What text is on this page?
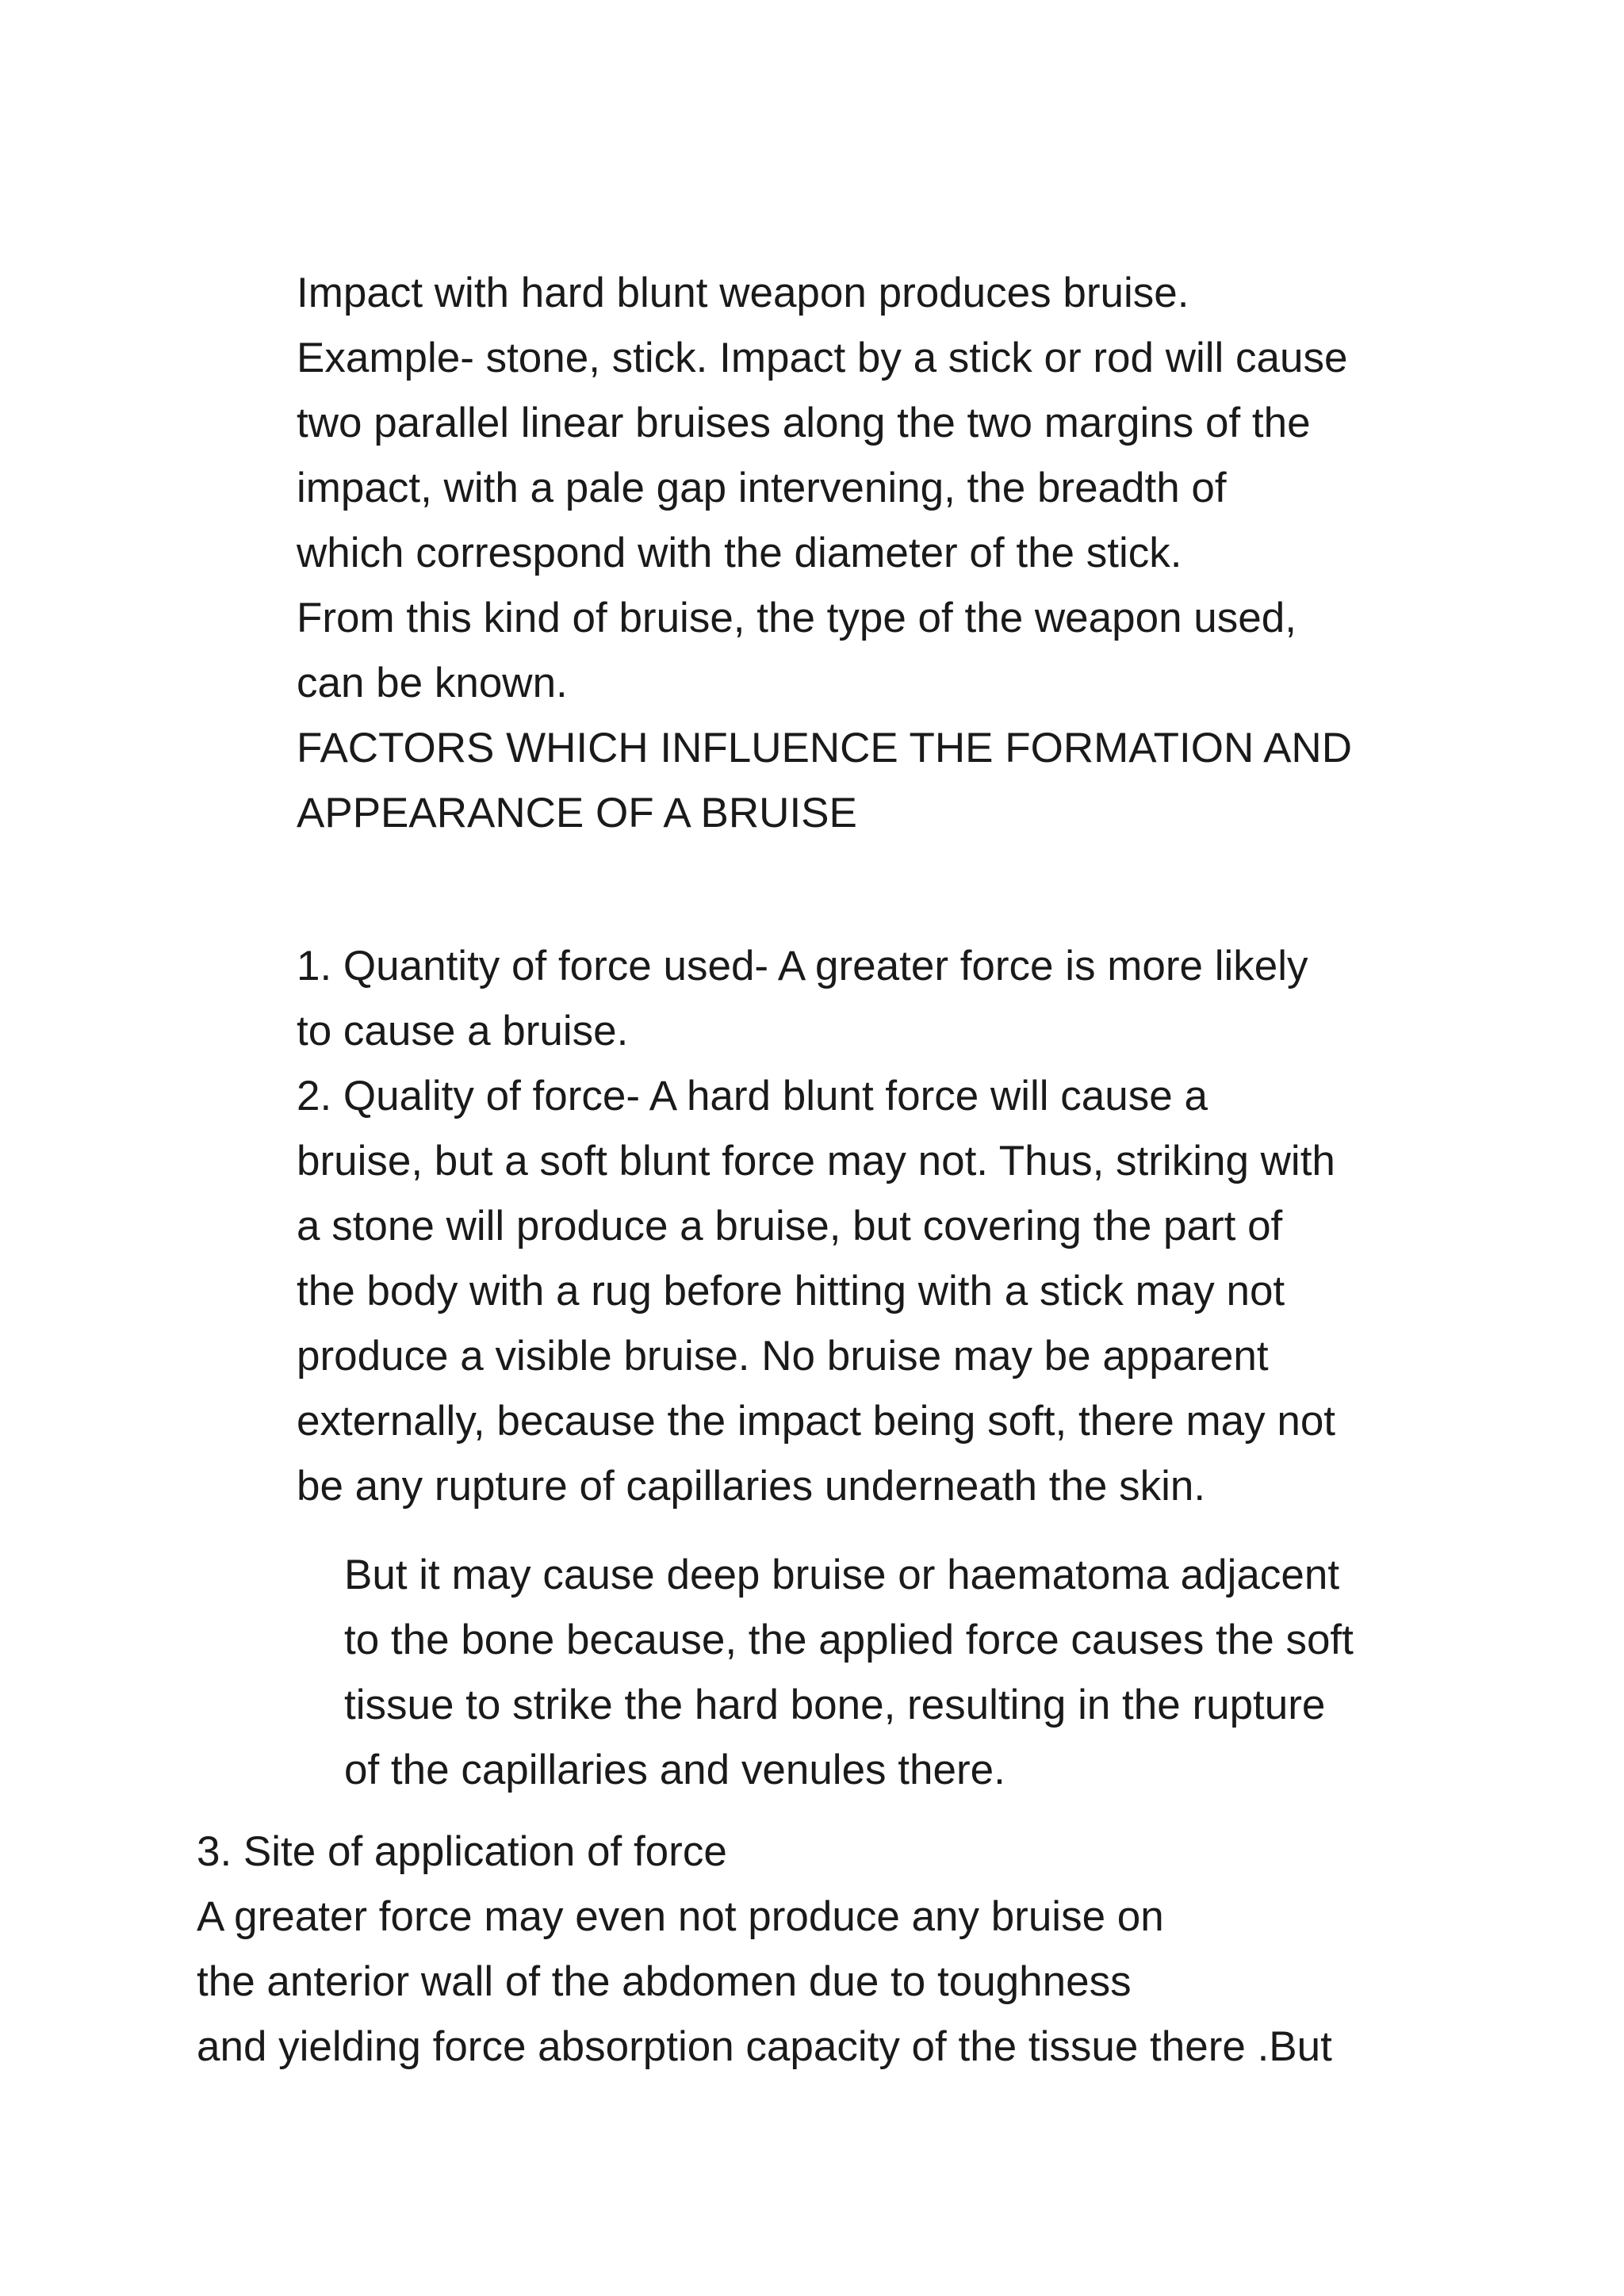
Impact with hard blunt weapon produces bruise.
Example- stone, stick. Impact by a stick or rod will cause
two parallel linear bruises along the two margins of the
impact, with a pale gap intervening, the breadth of
which correspond with the diameter of the stick.
From this kind of bruise, the type of the weapon used,
can be known.
FACTORS WHICH INFLUENCE THE FORMATION AND
APPEARANCE OF A BRUISE
1. Quantity of force used- A greater force is more likely
to cause a bruise.
2. Quality of force- A hard blunt force will cause a
bruise, but a soft blunt force may not. Thus, striking with
a stone will produce a bruise, but covering the part of
the body with a rug before hitting with a stick may not
produce a visible bruise. No bruise may be apparent
externally, because the impact being soft, there may not
be any rupture of capillaries underneath the skin.
But it may cause deep bruise or haematoma adjacent
to the bone because, the applied force causes the soft
tissue to strike the hard bone, resulting in the rupture
of the capillaries and venules there.
3. Site of application of force
A greater force may even not produce any bruise on
the anterior wall of the abdomen due to toughness
and yielding force absorption capacity of the tissue there .But
